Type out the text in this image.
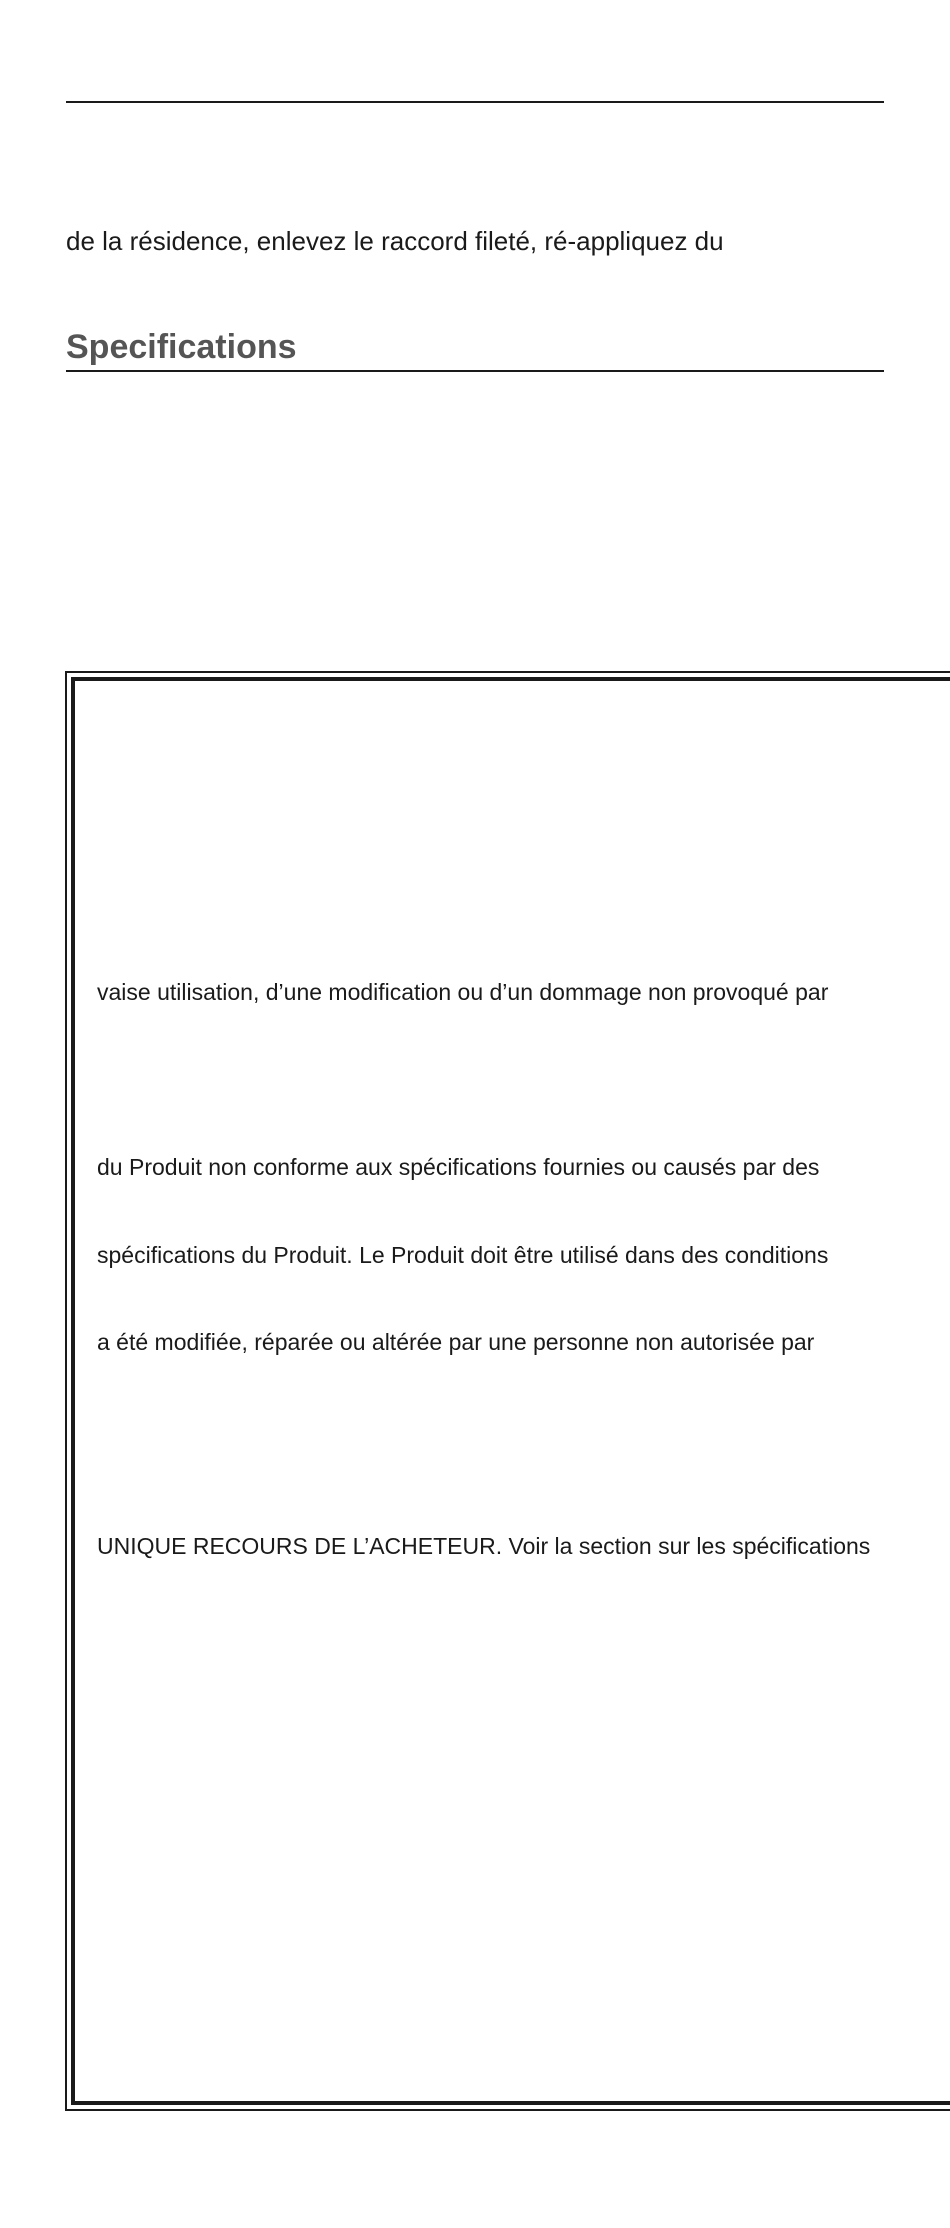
de la résidence, enlevez le raccord fileté, ré-appliquez du
Specifications
vaise utilisation, d’une modification ou d’un dommage non provoqué par
du Produit non conforme aux spécifications fournies ou causés par des
spécifications du Produit. Le Produit doit être utilisé dans des conditions
a été modifiée, réparée ou altérée par une personne non autorisée par
UNIQUE RECOURS DE L’ACHETEUR. Voir la section sur les spécifications
